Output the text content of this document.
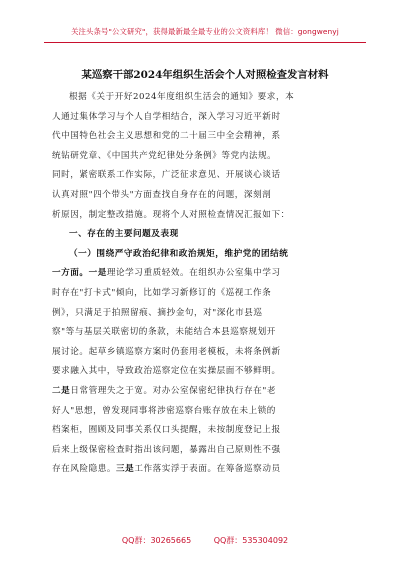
关注头条号"公文研究"，获得最新最全最专业的公文资料库！ 微信：gongwenyj
某巡察干部2024年组织生活会个人对照检查发言材料
根据《关于开好2024年度组织生活会的通知》要求，本
人通过集体学习与个人自学相结合，深入学习习近平新时
代中国特色社会主义思想和党的二十届三中全会精神，系
统钻研党章、《中国共产党纪律处分条例》等党内法规。
同时，紧密联系工作实际，广泛征求意见、开展谈心谈话
认真对照"四个带头"方面查找自身存在的问题，深刻剖
析原因，制定整改措施。现将个人对照检查情况汇报如下：
一、存在的主要问题及表现
（一）围绕严守政治纪律和政治规矩，维护党的团结统
一方面。一是理论学习重质轻效。在组织办公室集中学习
时存在"打卡式"倾向，比如学习新修订的《巡视工作条
例》，只满足于拍照留痕、摘抄金句，对"深化市县巡
察"等与基层关联密切的条款，未能结合本县巡察规划开
展讨论。起草乡镇巡察方案时仍套用老模板，未将条例新
要求融入其中，导致政治巡察定位在实操层面不够鲜明。
二是日常管理失之于宽。对办公室保密纪律执行存在"老
好人"思想，曾发现同事将涉密巡察台账存放在未上锁的
档案柜，囿顾及同事关系仅口头提醒，未按制度登记上报
后来上级保密检查时指出该问题，暴露出自己原则性不强
存在风险隐患。三是工作落实浮于表面。在筹备巡察动员
QQ群：30265665	QQ群：535304092
